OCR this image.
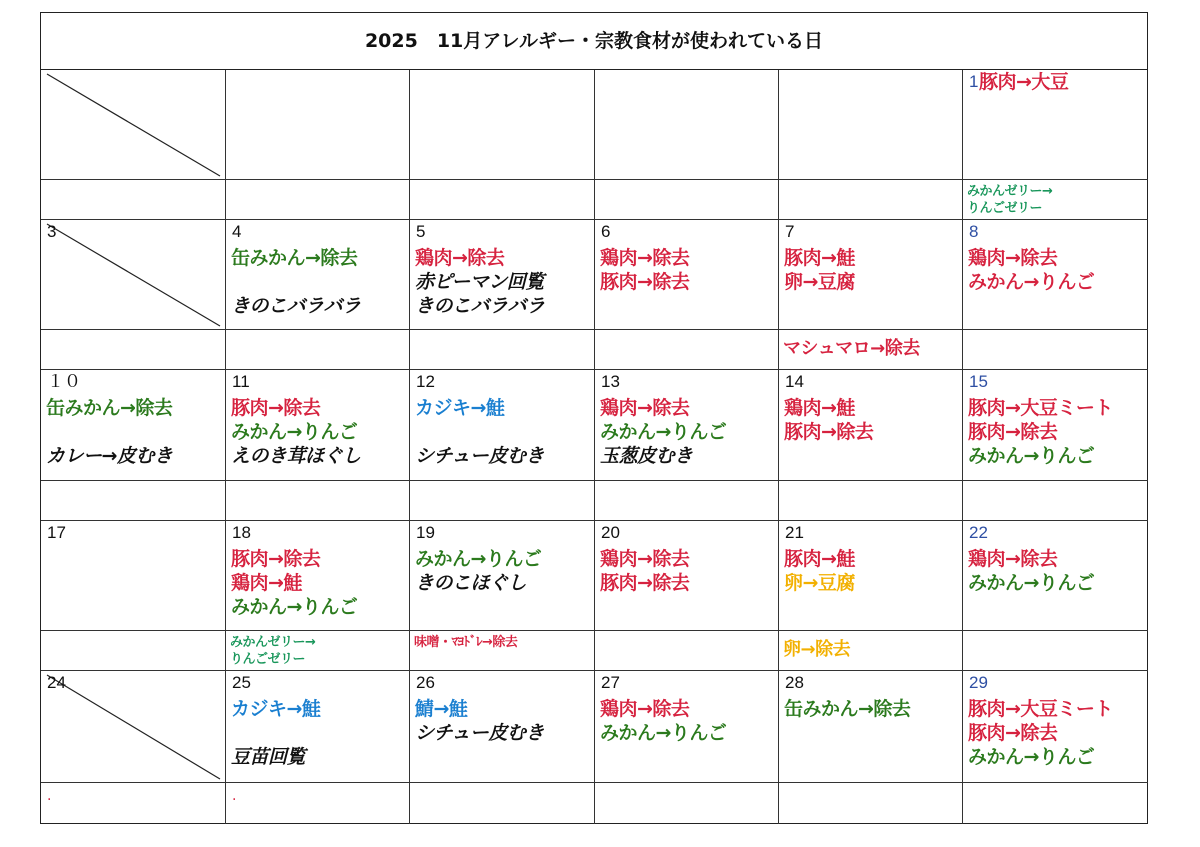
2025　11月アレルギー・宗教食材が使われている日
1 豚肉→大豆
みかんゼリー→
りんごゼリー
3	4
缶みかん→除去
きのこバラバラ
5
鶏肉→除去
赤ピーマン回覧
きのこバラバラ
6
鶏肉→除去
豚肉→除去
7
豚肉→鮭
卵→豆腐
マシュマロ→除去
8
鶏肉→除去
みかん→りんご
１０
缶みかん→除去
カレー→皮むき
11
豚肉→除去
みかん→りんご
えのき茸ほぐし
12
カジキ→鮭
シチュー皮むき
13
鶏肉→除去
みかん→りんご
玉葱皮むき
14
鶏肉→鮭
豚肉→除去
15
豚肉→大豆ミート
豚肉→除去
みかん→りんご
17	18
豚肉→除去
鶏肉→鮭
みかん→りんご
みかんゼリー→
りんごゼリー
19
みかん→りんご
きのこほぐし
味噌・ﾏﾖﾄﾞﾚ→除去
20
鶏肉→除去
豚肉→除去
21
豚肉→鮭
卵→豆腐
卵→除去
22
鶏肉→除去
みかん→りんご
24
·
25
カジキ→鮭
豆苗回覧
·
26
鯖→鮭
シチュー皮むき
27
鶏肉→除去
みかん→りんご
28
缶みかん→除去
29
豚肉→大豆ミート
豚肉→除去
みかん→りんご
